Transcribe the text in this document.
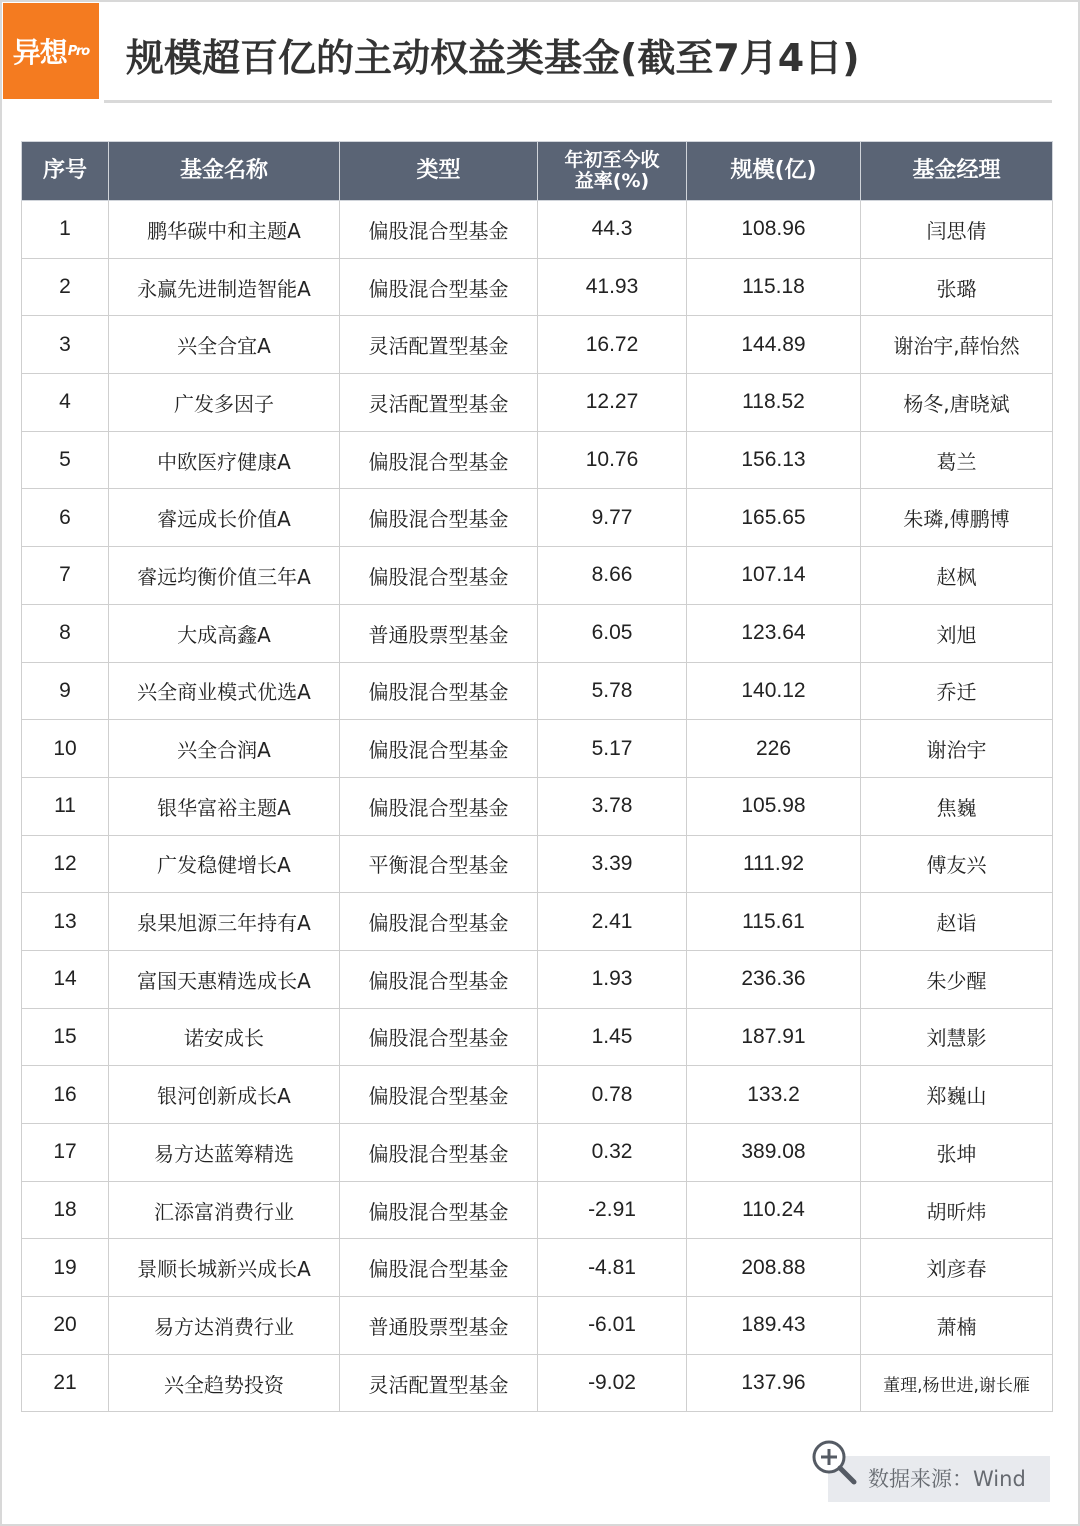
异想 Pro 规模超百亿的主动权益类基金(截至7月4日)
序号	基金名称	类型	年初至今收益率(%)	规模(亿)	基金经理
1	鹏华碳中和主题A	偏股混合型基金	44.3	108.96	闫思倩
2	永赢先进制造智能A	偏股混合型基金	41.93	115.18	张璐
3	兴全合宜A	灵活配置型基金	16.72	144.89	谢治宇,薛怡然
4	广发多因子	灵活配置型基金	12.27	118.52	杨冬,唐晓斌
5	中欧医疗健康A	偏股混合型基金	10.76	156.13	葛兰
6	睿远成长价值A	偏股混合型基金	9.77	165.65	朱璘,傅鹏博
7	睿远均衡价值三年A	偏股混合型基金	8.66	107.14	赵枫
8	大成高鑫A	普通股票型基金	6.05	123.64	刘旭
9	兴全商业模式优选A	偏股混合型基金	5.78	140.12	乔迁
10	兴全合润A	偏股混合型基金	5.17	226	谢治宇
11	银华富裕主题A	偏股混合型基金	3.78	105.98	焦巍
12	广发稳健增长A	平衡混合型基金	3.39	111.92	傅友兴
13	泉果旭源三年持有A	偏股混合型基金	2.41	115.61	赵诣
14	富国天惠精选成长A	偏股混合型基金	1.93	236.36	朱少醒
15	诺安成长	偏股混合型基金	1.45	187.91	刘慧影
16	银河创新成长A	偏股混合型基金	0.78	133.2	郑巍山
17	易方达蓝筹精选	偏股混合型基金	0.32	389.08	张坤
18	汇添富消费行业	偏股混合型基金	-2.91	110.24	胡昕炜
19	景顺长城新兴成长A	偏股混合型基金	-4.81	208.88	刘彦春
20	易方达消费行业	普通股票型基金	-6.01	189.43	萧楠
21	兴全趋势投资	灵活配置型基金	-9.02	137.96	董理,杨世进,谢长雁
数据来源：Wind
